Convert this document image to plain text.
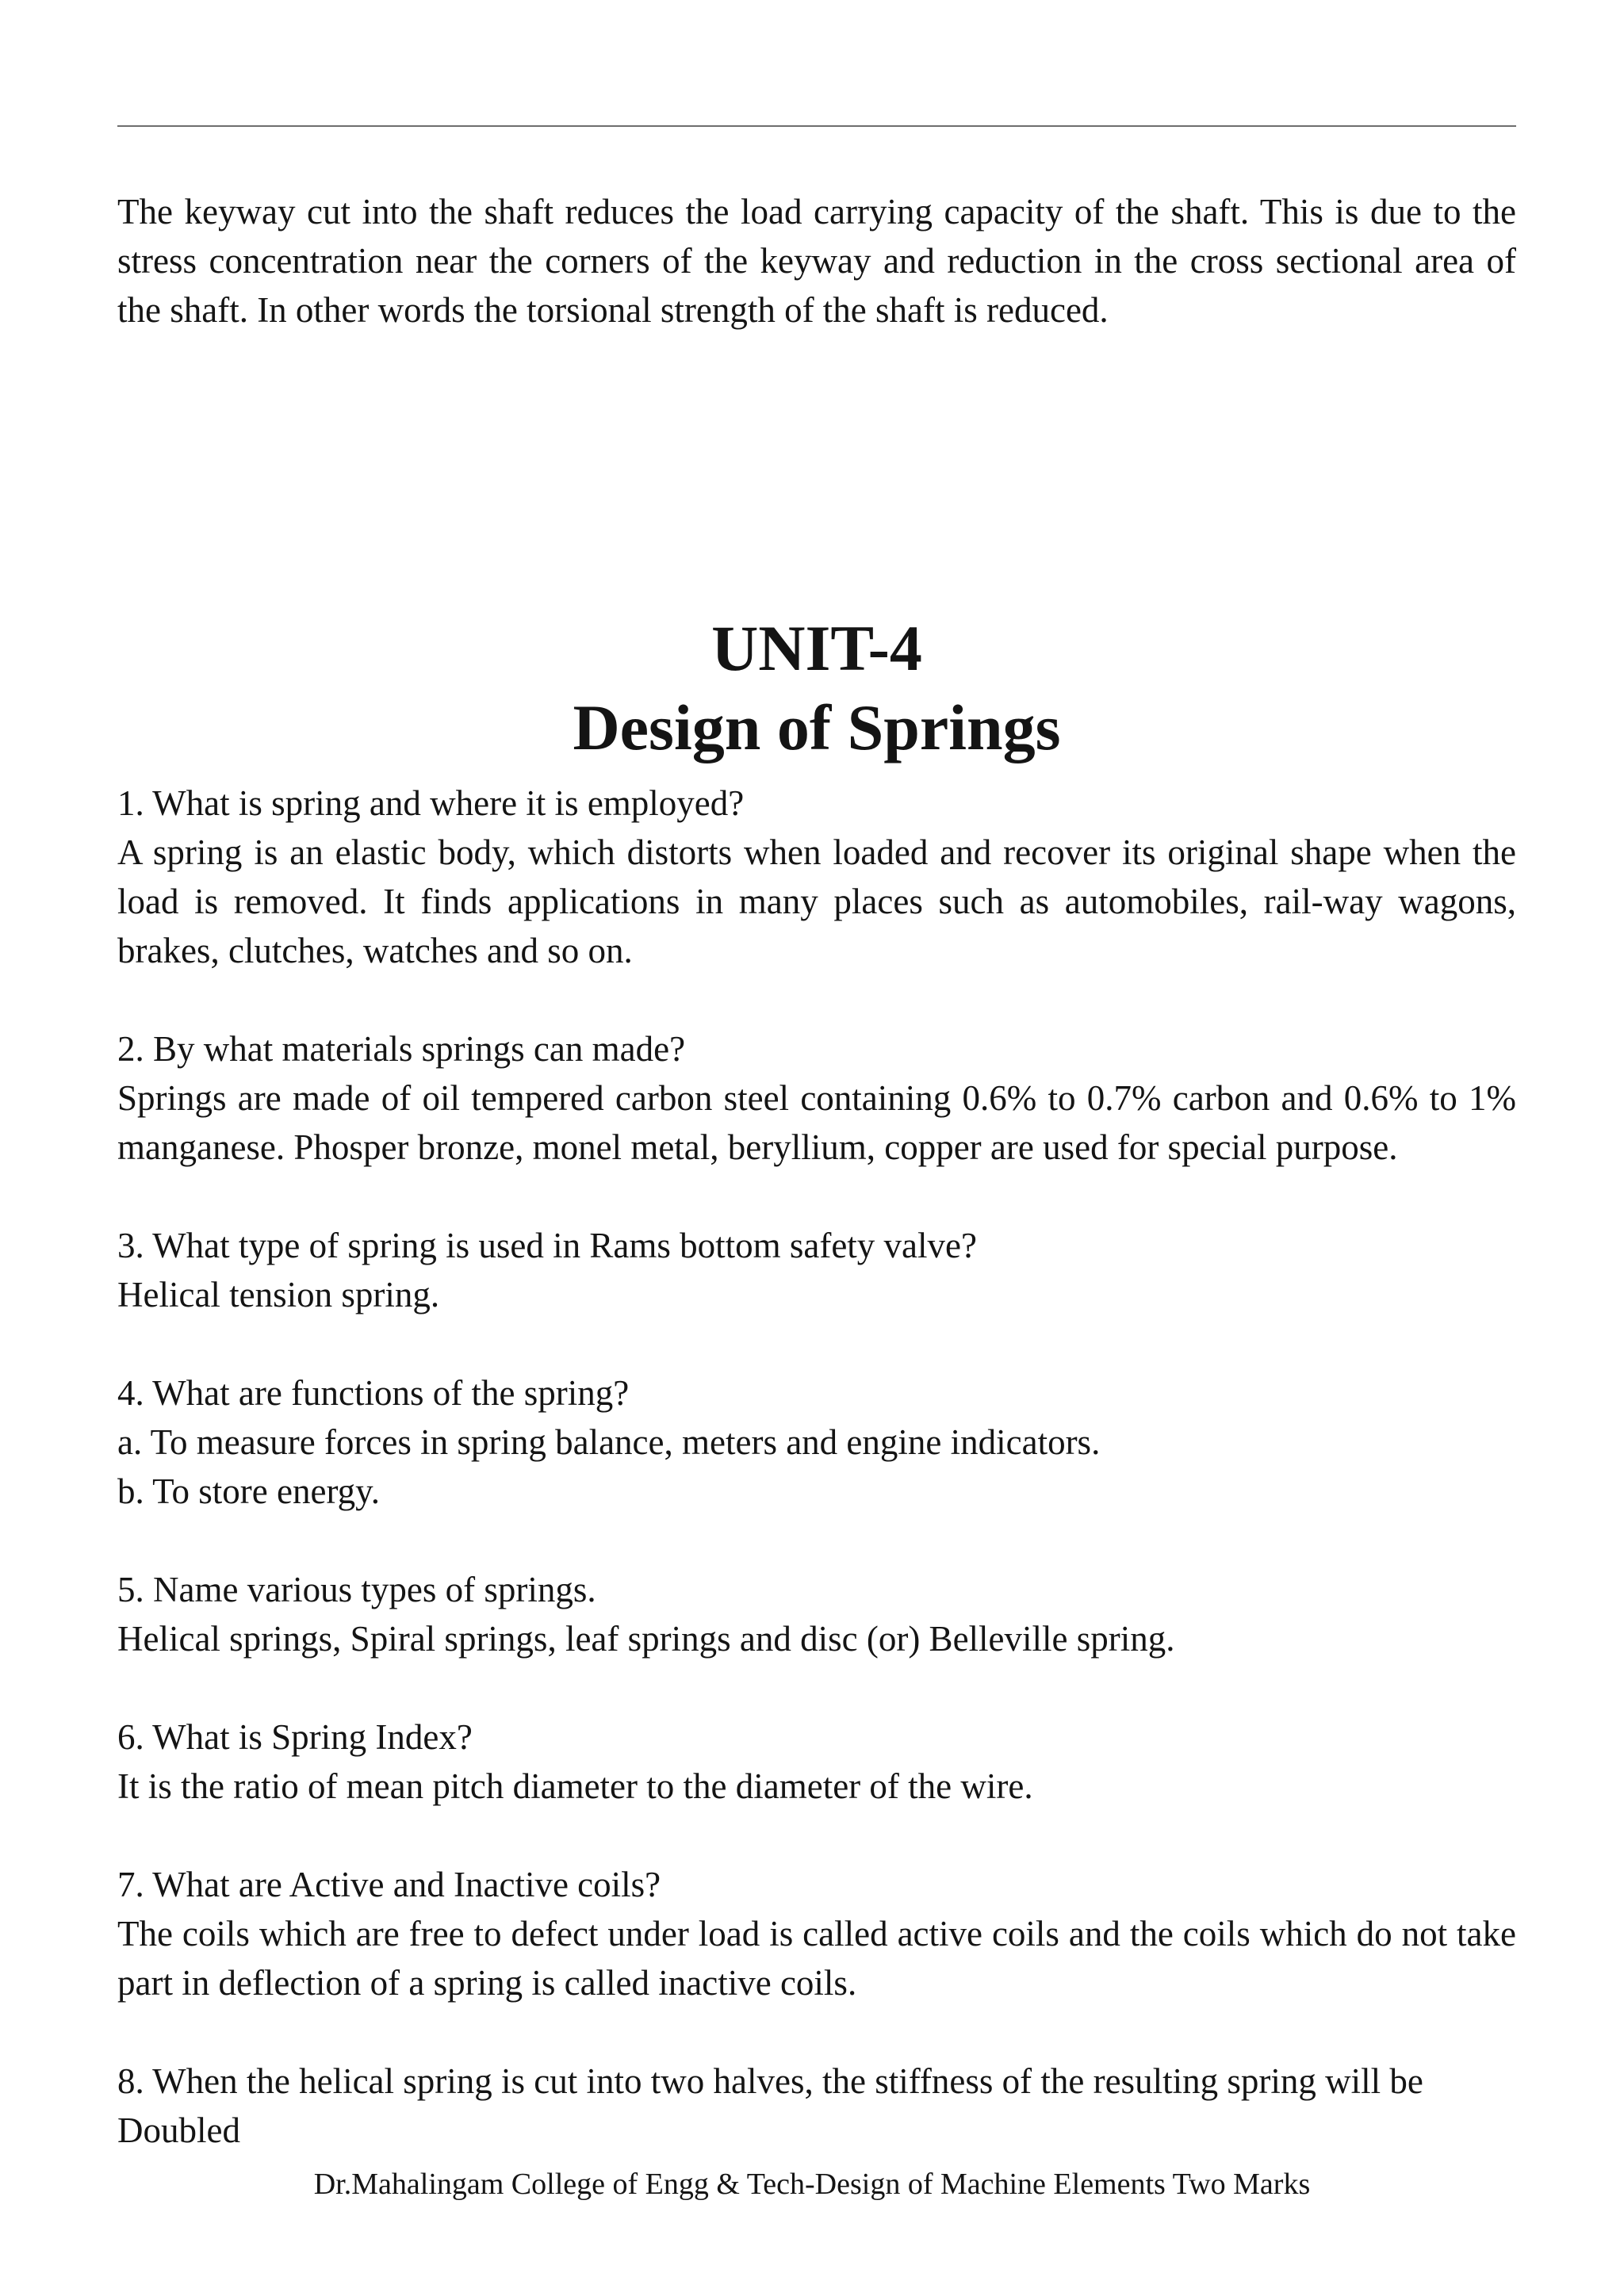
The keyway cut into the shaft reduces the load carrying capacity of the shaft. This is due to the stress concentration near the corners of the keyway and reduction in the cross sectional area of the shaft. In other words the torsional strength of the shaft is reduced.

UNIT-4
Design of Springs

1. What is spring and where it is employed?

A spring is an elastic body, which distorts when loaded and recover its original shape when the load is removed. It finds applications in many places such as automobiles, rail-way wagons, brakes, clutches, watches and so on.

2. By what materials springs can made?

Springs are made of oil tempered carbon steel containing 0.6% to 0.7% carbon and 0.6% to 1% manganese. Phosper bronze, monel metal, beryllium, copper are used for special purpose.

3. What type of spring is used in Rams bottom safety valve?

Helical tension spring.

4. What are functions of the spring?

a. To measure forces in spring balance, meters and engine indicators.

b. To store energy.

5. Name various types of springs.

Helical springs, Spiral springs, leaf springs and disc (or) Belleville spring.

6. What is Spring Index?

It is the ratio of mean pitch diameter to the diameter of the wire.

7. What are Active and Inactive coils?

The coils which are free to defect under load is called active coils and the coils which do not take part in deflection of a spring is called inactive coils.

8. When the helical spring is cut into two halves, the stiffness of the resulting spring will be

Doubled

Dr.Mahalingam College of Engg & Tech-Design of Machine Elements Two Marks
